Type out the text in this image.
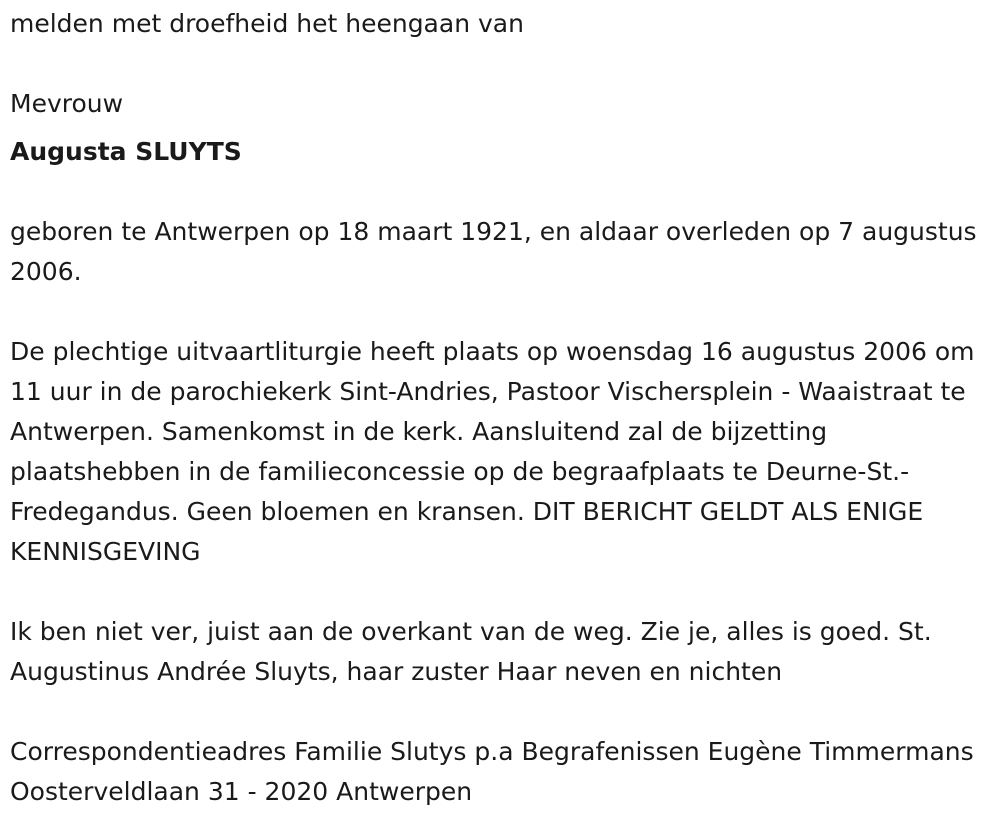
melden met droefheid het heengaan van

Mevrouw

Augusta SLUYTS

geboren te Antwerpen op 18 maart 1921, en aldaar overleden op 7 augustus 2006.

De plechtige uitvaartliturgie heeft plaats op woensdag 16 augustus 2006 om 11 uur in de parochiekerk Sint-Andries, Pastoor Vischersplein - Waaistraat te Antwerpen. Samenkomst in de kerk. Aansluitend zal de bijzetting plaatshebben in de familieconcessie op de begraafplaats te Deurne-St.-Fredegandus. Geen bloemen en kransen. DIT BERICHT GELDT ALS ENIGE KENNISGEVING

Ik ben niet ver, juist aan de overkant van de weg. Zie je, alles is goed. St. Augustinus Andrée Sluyts, haar zuster Haar neven en nichten

Correspondentieadres Familie Slutys p.a Begrafenissen Eugène Timmermans Oosterveldlaan 31 - 2020 Antwerpen
